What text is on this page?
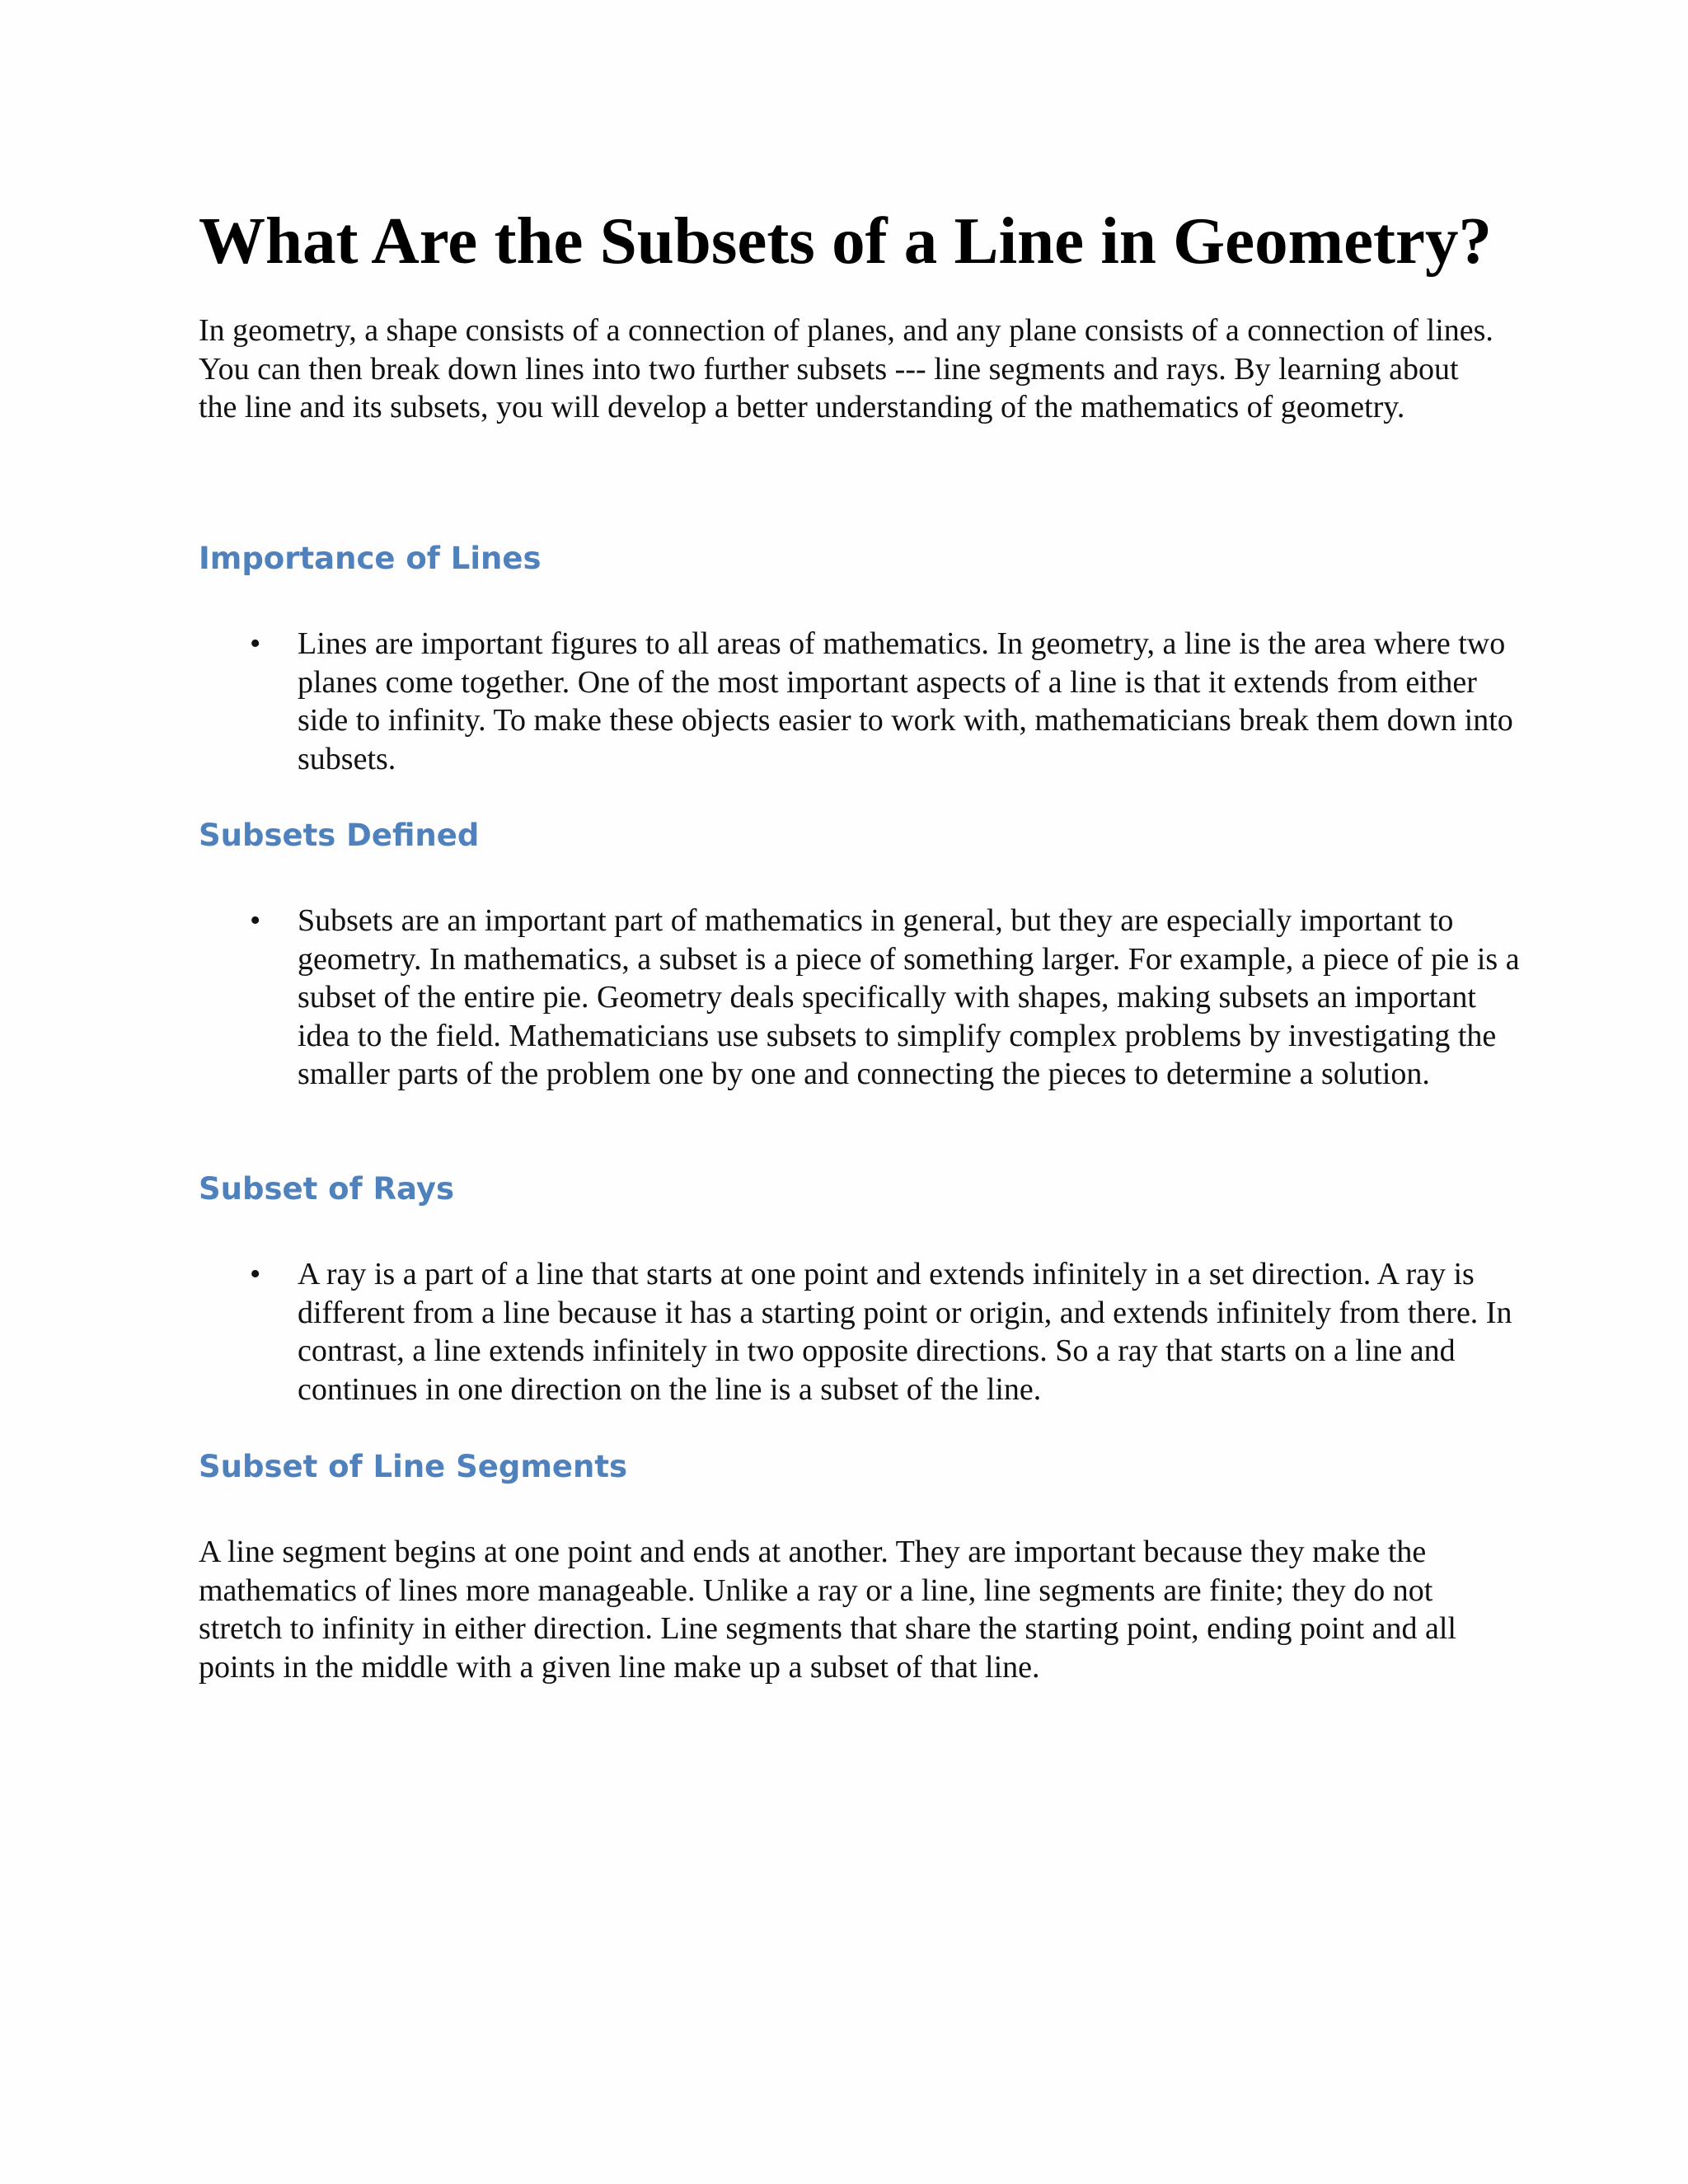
What Are the Subsets of a Line in Geometry?

In geometry, a shape consists of a connection of planes, and any plane consists of a connection of lines. You can then break down lines into two further subsets --- line segments and rays. By learning about the line and its subsets, you will develop a better understanding of the mathematics of geometry.

Importance of Lines
• Lines are important figures to all areas of mathematics. In geometry, a line is the area where two planes come together. One of the most important aspects of a line is that it extends from either side to infinity. To make these objects easier to work with, mathematicians break them down into subsets.

Subsets Defined
• Subsets are an important part of mathematics in general, but they are especially important to geometry. In mathematics, a subset is a piece of something larger. For example, a piece of pie is a subset of the entire pie. Geometry deals specifically with shapes, making subsets an important idea to the field. Mathematicians use subsets to simplify complex problems by investigating the smaller parts of the problem one by one and connecting the pieces to determine a solution.

Subset of Rays
• A ray is a part of a line that starts at one point and extends infinitely in a set direction. A ray is different from a line because it has a starting point or origin, and extends infinitely from there. In contrast, a line extends infinitely in two opposite directions. So a ray that starts on a line and continues in one direction on the line is a subset of the line.

Subset of Line Segments

A line segment begins at one point and ends at another. They are important because they make the mathematics of lines more manageable. Unlike a ray or a line, line segments are finite; they do not stretch to infinity in either direction. Line segments that share the starting point, ending point and all points in the middle with a given line make up a subset of that line.
